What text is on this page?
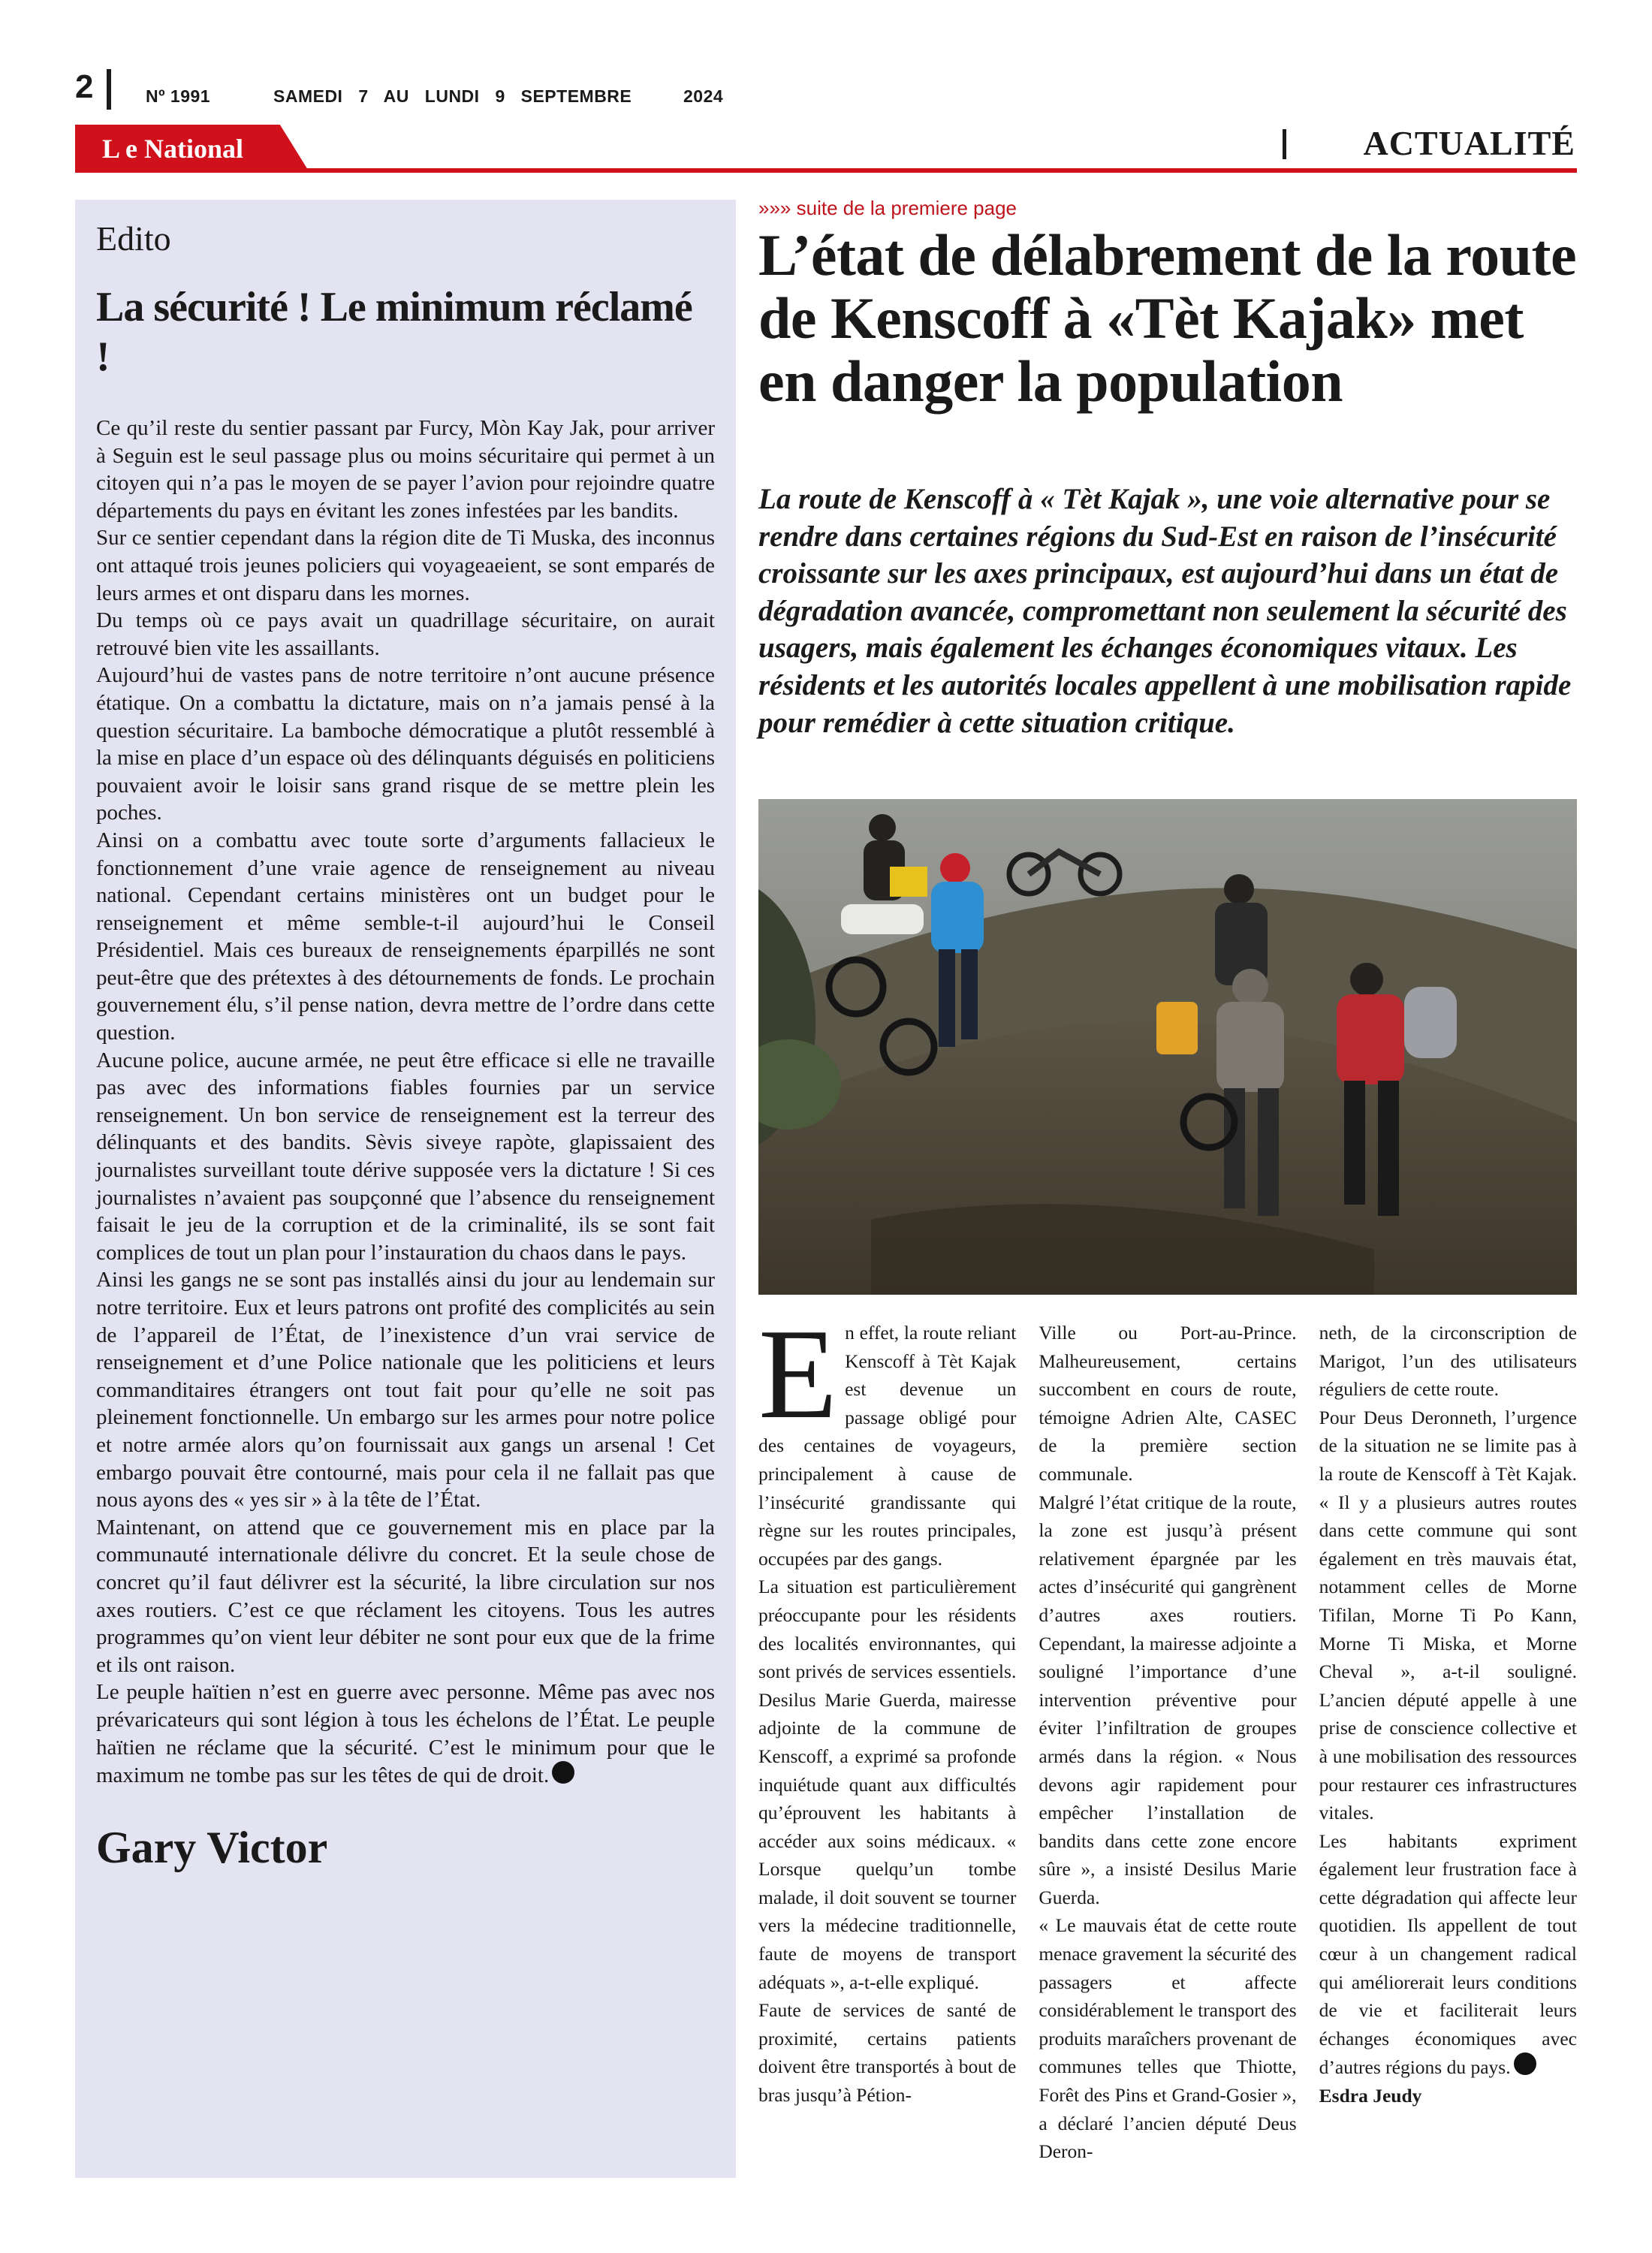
2	Nº 1991	SAMEDI 7 AU LUNDI 9 SEPTEMBRE	2024
L e National	ACTUALITÉ
Edito
La sécurité ! Le minimum réclamé !

Ce qu’il reste du sentier passant par Furcy, Mòn Kay Jak, pour arriver à Seguin est le seul passage plus ou moins sécuritaire qui permet à un citoyen qui n’a pas le moyen de se payer l’avion pour rejoindre quatre départements du pays en évitant les zones infestées par les bandits.

Sur ce sentier cependant dans la région dite de Ti Muska, des inconnus ont attaqué trois jeunes policiers qui voyageaeient, se sont emparés de leurs armes et ont disparu dans les mornes.

Du temps où ce pays avait un quadrillage sécuritaire, on aurait retrouvé bien vite les assaillants.

Aujourd’hui de vastes pans de notre territoire n’ont aucune présence étatique. On a combattu la dictature, mais on n’a jamais pensé à la question sécuritaire. La bamboche démocratique a plutôt ressemblé à la mise en place d’un espace où des délinquants déguisés en politiciens pouvaient avoir le loisir sans grand risque de se mettre plein les poches.

Ainsi on a combattu avec toute sorte d’arguments fallacieux le fonctionnement d’une vraie agence de renseignement au niveau national. Cependant certains ministères ont un budget pour le renseignement et même semble-t-il aujourd’hui le Conseil Présidentiel. Mais ces bureaux de renseignements éparpillés ne sont peut-être que des prétextes à des détournements de fonds. Le prochain gouvernement élu, s’il pense nation, devra mettre de l’ordre dans cette question.

Aucune police, aucune armée, ne peut être efficace si elle ne travaille pas avec des informations fiables fournies par un service renseignement. Un bon service de renseignement est la terreur des délinquants et des bandits. Sèvis siveye rapòte, glapissaient des journalistes surveillant toute dérive supposée vers la dictature ! Si ces journalistes n’avaient pas soupçonné que l’absence du renseignement faisait le jeu de la corruption et de la criminalité, ils se sont fait complices de tout un plan pour l’instauration du chaos dans le pays.

Ainsi les gangs ne se sont pas installés ainsi du jour au lendemain sur notre territoire. Eux et leurs patrons ont profité des complicités au sein de l’appareil de l’État, de l’inexistence d’un vrai service de renseignement et d’une Police nationale que les politiciens et leurs commanditaires étrangers ont tout fait pour qu’elle ne soit pas pleinement fonctionnelle. Un embargo sur les armes pour notre police et notre armée alors qu’on fournissait aux gangs un arsenal ! Cet embargo pouvait être contourné, mais pour cela il ne fallait pas que nous ayons des « yes sir » à la tête de l’État.

Maintenant, on attend que ce gouvernement mis en place par la communauté internationale délivre du concret. Et la seule chose de concret qu’il faut délivrer est la sécurité, la libre circulation sur nos axes routiers. C’est ce que réclament les citoyens. Tous les autres programmes qu’on vient leur débiter ne sont pour eux que de la frime et ils ont raison.

Le peuple haïtien n’est en guerre avec personne. Même pas avec nos prévaricateurs qui sont légion à tous les échelons de l’État. Le peuple haïtien ne réclame que la sécurité. C’est le minimum pour que le maximum ne tombe pas sur les têtes de qui de droit.

Gary Victor
»»» suite de la premiere page
L’état de délabrement de la route de Kenscoff à «Tèt Kajak» met en danger la population
La route de Kenscoff à « Tèt Kajak », une voie alternative pour se rendre dans certaines régions du Sud-Est en raison de l’insécurité croissante sur les axes principaux, est aujourd’hui dans un état de dégradation avancée, compromettant non seulement la sécurité des usagers, mais également les échanges économiques vitaux. Les résidents et les autorités locales appellent à une mobilisation rapide pour remédier à cette situation critique.

En effet, la route reliant Kenscoff à Tèt Kajak est devenue un passage obligé pour des centaines de voyageurs, principalement à cause de l’insécurité grandissante qui règne sur les routes principales, occupées par des gangs.

La situation est particulièrement préoccupante pour les résidents des localités environnantes, qui sont privés de services essentiels. Desilus Marie Guerda, mairesse adjointe de la commune de Kenscoff, a exprimé sa profonde inquiétude quant aux difficultés qu’éprouvent les habitants à accéder aux soins médicaux. « Lorsque quelqu’un tombe malade, il doit souvent se tourner vers la médecine traditionnelle, faute de moyens de transport adéquats », a-t-elle expliqué.

Faute de services de santé de proximité, certains patients doivent être transportés à bout de bras jusqu’à Pétion-

Ville ou Port-au-Prince. Malheureusement, certains succombent en cours de route, témoigne Adrien Alte, CASEC de la première section communale.

Malgré l’état critique de la route, la zone est jusqu’à présent relativement épargnée par les actes d’insécurité qui gangrènent d’autres axes routiers. Cependant, la mairesse adjointe a souligné l’importance d’une intervention préventive pour éviter l’infiltration de groupes armés dans la région. « Nous devons agir rapidement pour empêcher l’installation de bandits dans cette zone encore sûre », a insisté Desilus Marie Guerda.

« Le mauvais état de cette route menace gravement la sécurité des passagers et affecte considérablement le transport des produits maraîchers provenant de communes telles que Thiotte, Forêt des Pins et Grand-Gosier », a déclaré l’ancien député Deus Deron-

neth, de la circonscription de Marigot, l’un des utilisateurs réguliers de cette route.

Pour Deus Deronneth, l’urgence de la situation ne se limite pas à la route de Kenscoff à Tèt Kajak. « Il y a plusieurs autres routes dans cette commune qui sont également en très mauvais état, notamment celles de Morne Tifilan, Morne Ti Po Kann, Morne Ti Miska, et Morne Cheval », a-t-il souligné. L’ancien député appelle à une prise de conscience collective et à une mobilisation des ressources pour restaurer ces infrastructures vitales.

Les habitants expriment également leur frustration face à cette dégradation qui affecte leur quotidien. Ils appellent de tout cœur à un changement radical qui améliorerait leurs conditions de vie et faciliterait leurs échanges économiques avec d’autres régions du pays.

Esdra Jeudy
